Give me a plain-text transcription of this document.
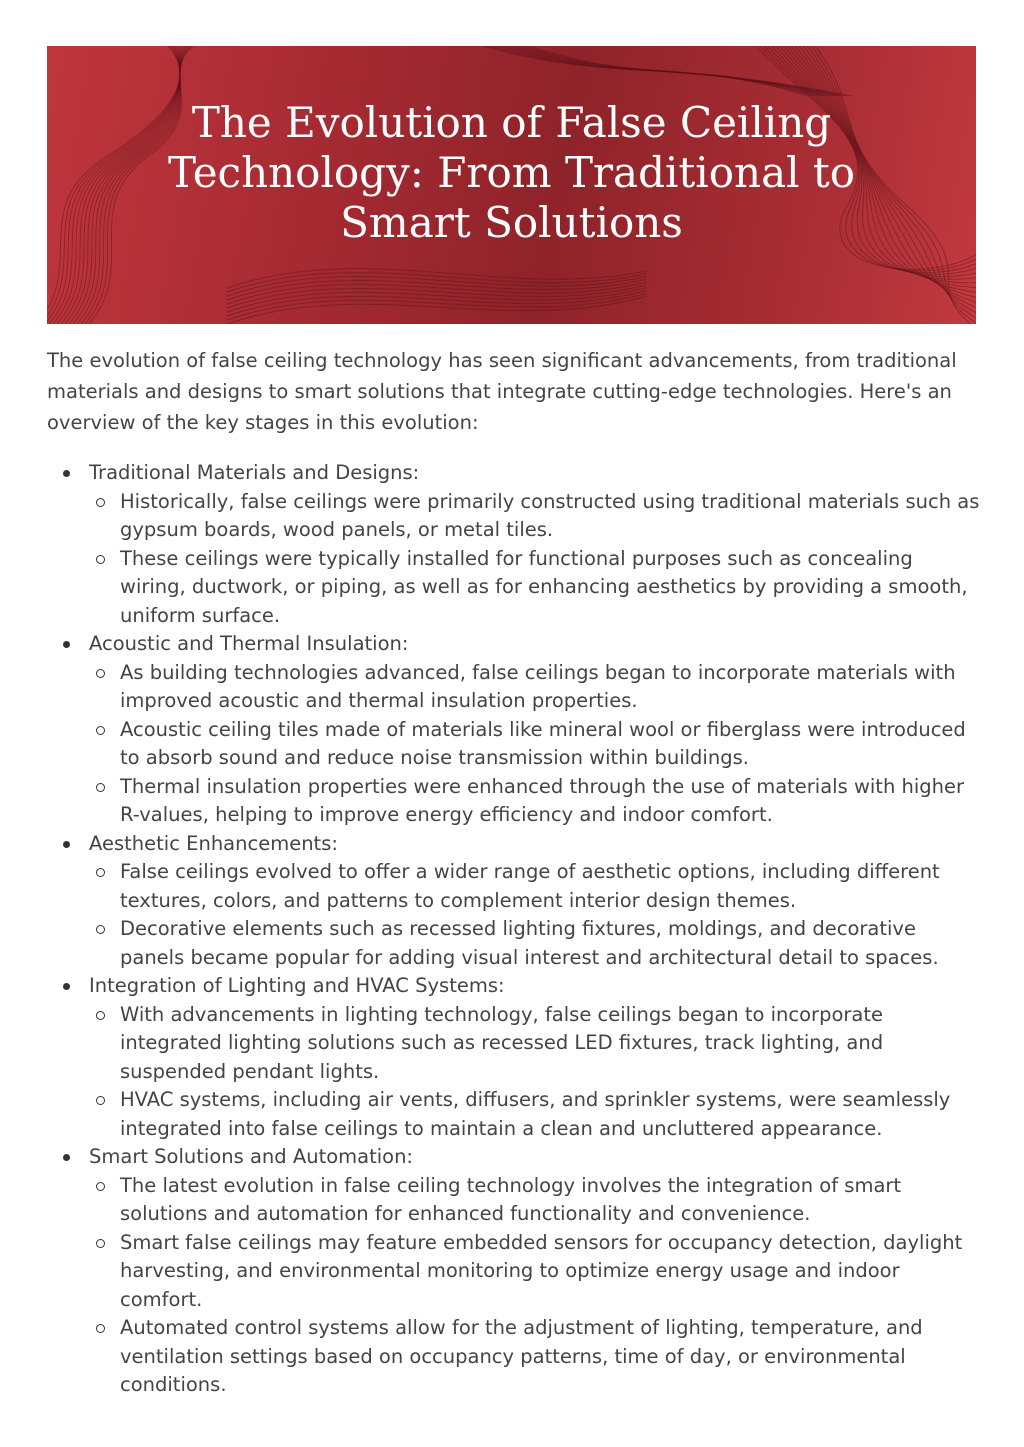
The Evolution of False Ceiling Technology: From Traditional to Smart Solutions

The evolution of false ceiling technology has seen significant advancements, from traditional materials and designs to smart solutions that integrate cutting-edge technologies. Here's an overview of the key stages in this evolution:

Traditional Materials and Designs:
Historically, false ceilings were primarily constructed using traditional materials such as gypsum boards, wood panels, or metal tiles.
These ceilings were typically installed for functional purposes such as concealing wiring, ductwork, or piping, as well as for enhancing aesthetics by providing a smooth, uniform surface.
Acoustic and Thermal Insulation:
As building technologies advanced, false ceilings began to incorporate materials with improved acoustic and thermal insulation properties.
Acoustic ceiling tiles made of materials like mineral wool or fiberglass were introduced to absorb sound and reduce noise transmission within buildings.
Thermal insulation properties were enhanced through the use of materials with higher R-values, helping to improve energy efficiency and indoor comfort.
Aesthetic Enhancements:
False ceilings evolved to offer a wider range of aesthetic options, including different textures, colors, and patterns to complement interior design themes.
Decorative elements such as recessed lighting fixtures, moldings, and decorative panels became popular for adding visual interest and architectural detail to spaces.
Integration of Lighting and HVAC Systems:
With advancements in lighting technology, false ceilings began to incorporate integrated lighting solutions such as recessed LED fixtures, track lighting, and suspended pendant lights.
HVAC systems, including air vents, diffusers, and sprinkler systems, were seamlessly integrated into false ceilings to maintain a clean and uncluttered appearance.
Smart Solutions and Automation:
The latest evolution in false ceiling technology involves the integration of smart solutions and automation for enhanced functionality and convenience.
Smart false ceilings may feature embedded sensors for occupancy detection, daylight harvesting, and environmental monitoring to optimize energy usage and indoor comfort.
Automated control systems allow for the adjustment of lighting, temperature, and ventilation settings based on occupancy patterns, time of day, or environmental conditions.
